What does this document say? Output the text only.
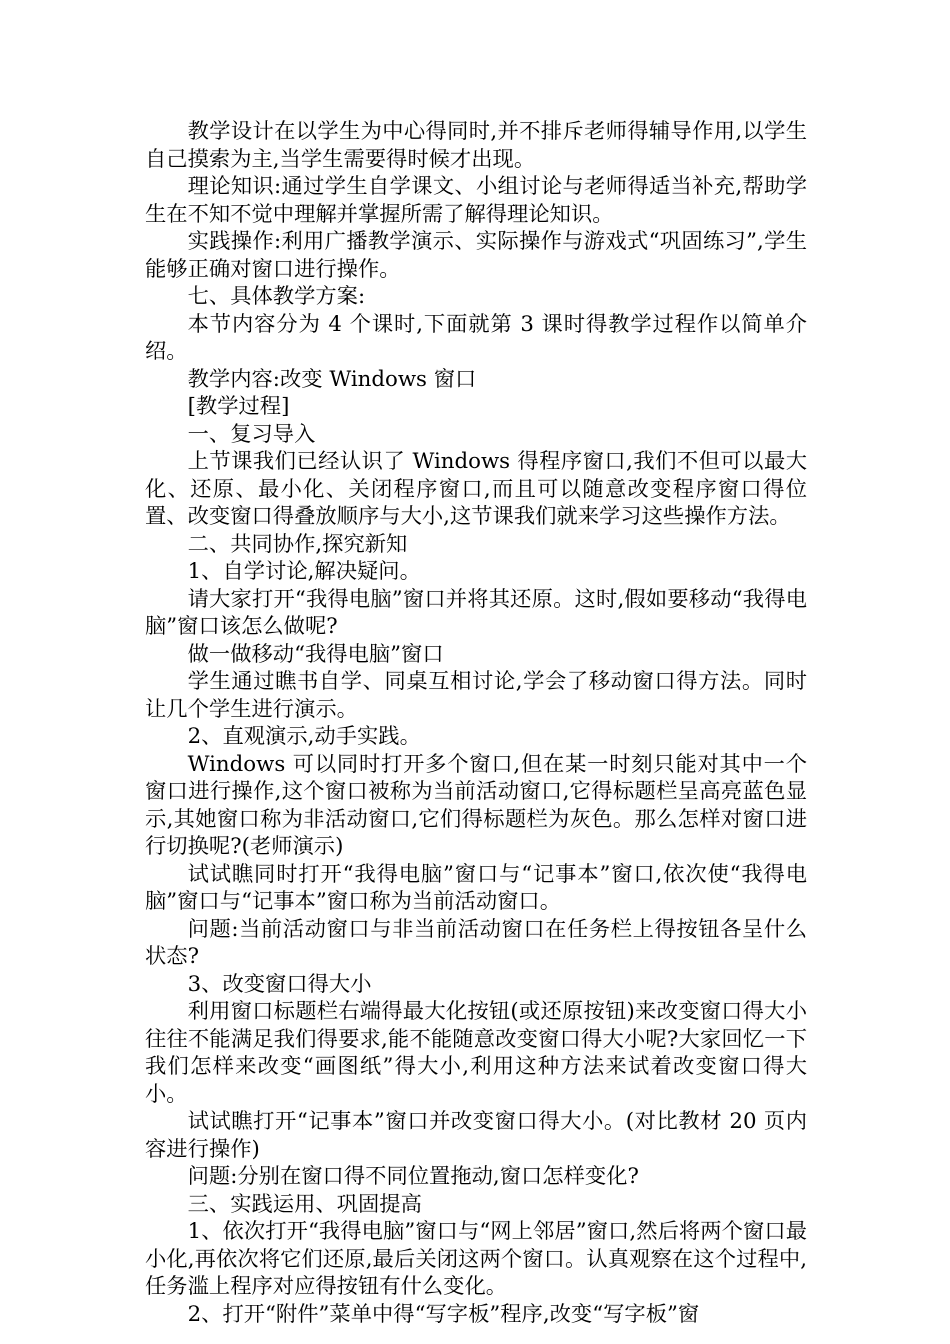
教学设计在以学生为中心得同时,并不排斥老师得辅导作用,以学生自己摸索为主,当学生需要得时候才出现。

理论知识:通过学生自学课文、小组讨论与老师得适当补充,帮助学生在不知不觉中理解并掌握所需了解得理论知识。

实践操作:利用广播教学演示、实际操作与游戏式“巩固练习”,学生能够正确对窗口进行操作。

七、具体教学方案:

本节内容分为 4 个课时,下面就第 3 课时得教学过程作以简单介绍。

教学内容:改变 Windows 窗口

[教学过程]

一、复习导入

上节课我们已经认识了 Windows 得程序窗口,我们不但可以最大化、还原、最小化、关闭程序窗口,而且可以随意改变程序窗口得位置、改变窗口得叠放顺序与大小,这节课我们就来学习这些操作方法。

二、共同协作,探究新知

1、自学讨论,解决疑问。

请大家打开“我得电脑”窗口并将其还原。这时,假如要移动“我得电脑”窗口该怎么做呢?

做一做移动“我得电脑”窗口

学生通过瞧书自学、同桌互相讨论,学会了移动窗口得方法。同时让几个学生进行演示。

2、直观演示,动手实践。

Windows 可以同时打开多个窗口,但在某一时刻只能对其中一个窗口进行操作,这个窗口被称为当前活动窗口,它得标题栏呈高亮蓝色显示,其她窗口称为非活动窗口,它们得标题栏为灰色。那么怎样对窗口进行切换呢?(老师演示)

试试瞧同时打开“我得电脑”窗口与“记事本”窗口,依次使“我得电脑”窗口与“记事本”窗口称为当前活动窗口。

问题:当前活动窗口与非当前活动窗口在任务栏上得按钮各呈什么状态?

3、改变窗口得大小

利用窗口标题栏右端得最大化按钮(或还原按钮)来改变窗口得大小往往不能满足我们得要求,能不能随意改变窗口得大小呢?大家回忆一下我们怎样来改变“画图纸”得大小,利用这种方法来试着改变窗口得大小。

试试瞧打开“记事本”窗口并改变窗口得大小。(对比教材 20 页内容进行操作)

问题:分别在窗口得不同位置拖动,窗口怎样变化?

三、实践运用、巩固提高

1、依次打开“我得电脑”窗口与“网上邻居”窗口,然后将两个窗口最小化,再依次将它们还原,最后关闭这两个窗口。认真观察在这个过程中,任务滥上程序对应得按钮有什么变化。

2、打开“附件”菜单中得“写字板”程序,改变“写字板”窗
